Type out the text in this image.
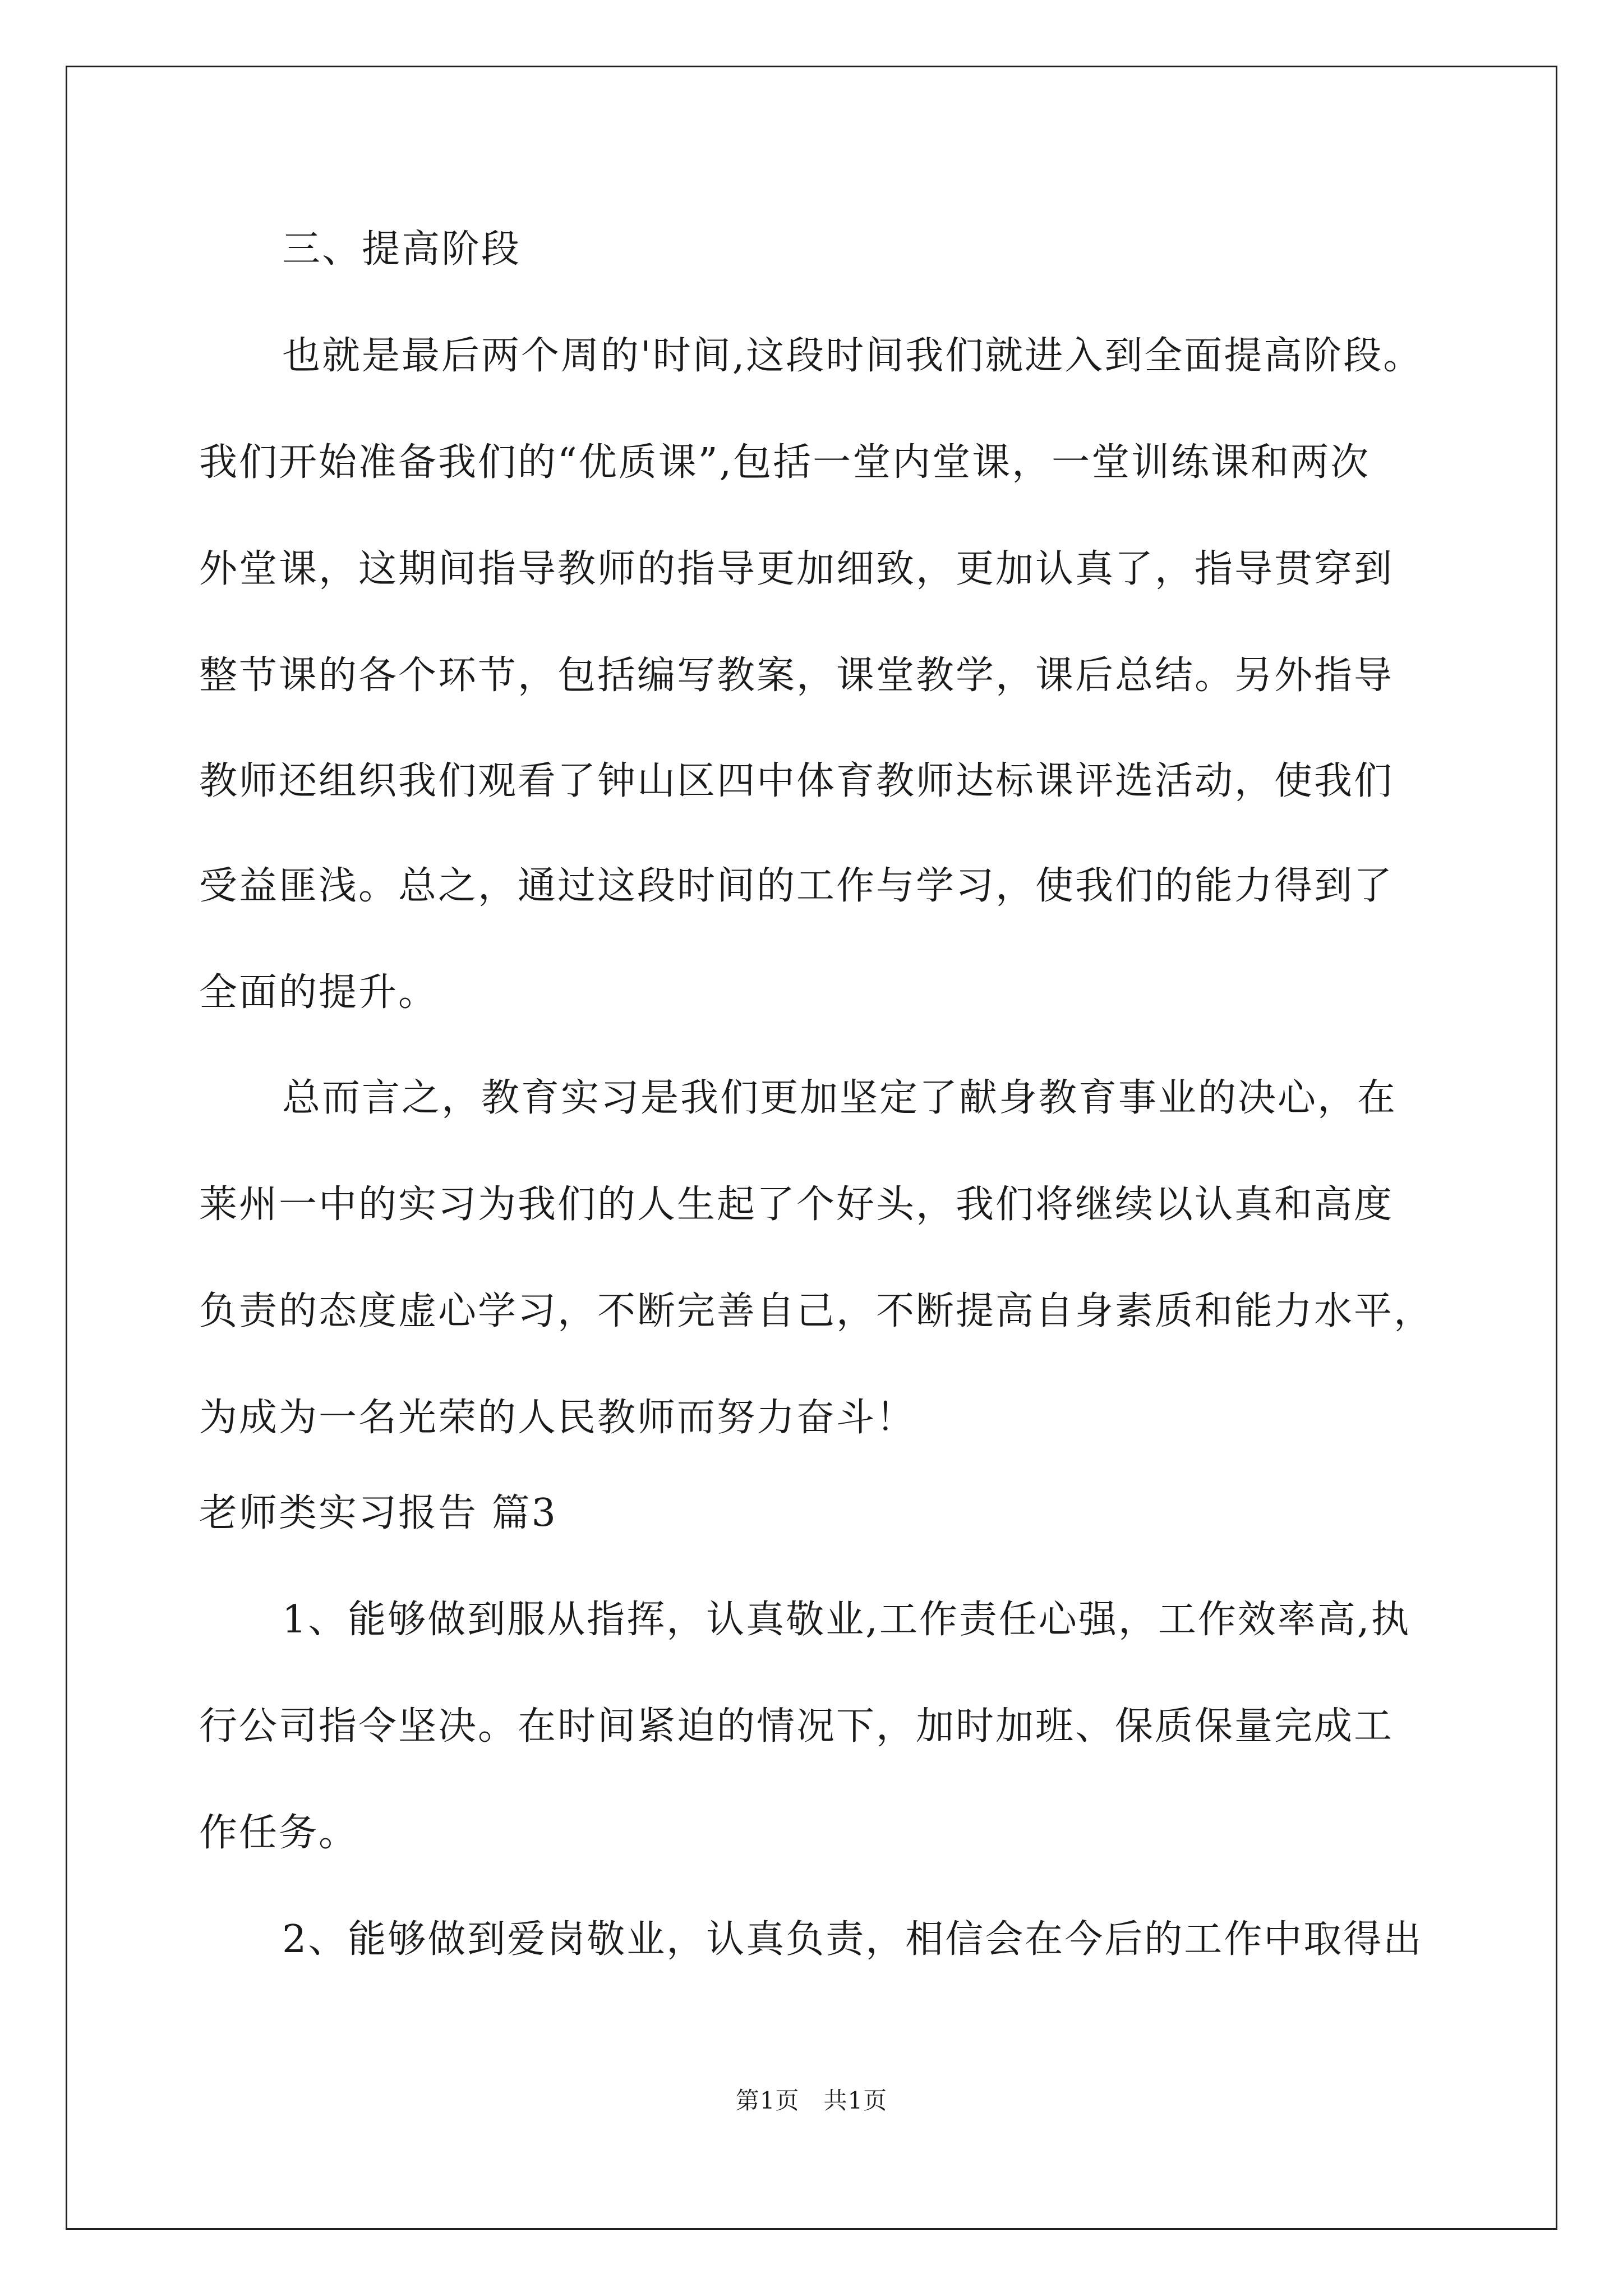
三、提高阶段
也就是最后两个周的'时间,这段时间我们就进入到全面提高阶段。
我们开始准备我们的“优质课”,包括一堂内堂课，一堂训练课和两次
外堂课，这期间指导教师的指导更加细致，更加认真了，指导贯穿到
整节课的各个环节，包括编写教案，课堂教学，课后总结。另外指导
教师还组织我们观看了钟山区四中体育教师达标课评选活动，使我们
受益匪浅。总之，通过这段时间的工作与学习，使我们的能力得到了
全面的提升。
总而言之，教育实习是我们更加坚定了献身教育事业的决心，在
莱州一中的实习为我们的人生起了个好头，我们将继续以认真和高度
负责的态度虚心学习，不断完善自己，不断提高自身素质和能力水平，
为成为一名光荣的人民教师而努力奋斗！
老师类实习报告 篇3
1、能够做到服从指挥，认真敬业,工作责任心强，工作效率高,执
行公司指令坚决。在时间紧迫的情况下，加时加班、保质保量完成工
作任务。
2、能够做到爱岗敬业，认真负责，相信会在今后的工作中取得出
第1页　共1页
